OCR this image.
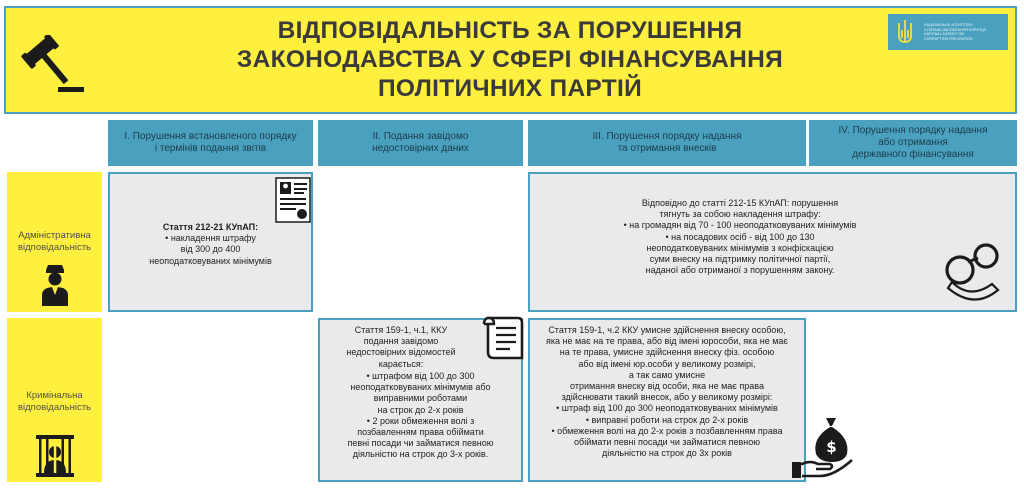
ВІДПОВІДАЛЬНІСТЬ ЗА ПОРУШЕННЯ
ЗАКОНОДАВСТВА У СФЕРІ ФІНАНСУВАННЯ
ПОЛІТИЧНИХ ПАРТІЙ
НАЦІОНАЛЬНЕ АГЕНТСТВО
З ПИТАНЬ ЗАПОБІГАННЯ КОРУПЦІЇ
NATIONAL AGENCY ON
CORRUPTION PREVENTION
I. Порушення встановленого порядку
і термінів подання звітів
II. Подання завідомо
недостовірних даних
III. Порушення порядку надання
та отримання внесків
IV. Порушення порядку надання
або отримання
державного фінансування
Адміністративна
відповідальність
Кримінальна
відповідальність
Стаття 212-21 КУпАП:
• накладення штрафу
від 300 до 400
неоподатковуваних мінімумів
Відповідно до статті 212-15 КУпАП: порушення
тягнуть за собою накладення штрафу:
• на громадян від 70 - 100 неоподатковуваних мінімумів
• на посадових осіб - від 100 до 130
неоподатковуваних мінімумів з конфіскацією
суми внеску на підтримку політичної партії,
наданої або отриманої з порушенням закону.
Стаття 159-1, ч.1, ККУ
подання завідомо
недостовірних відомостей
карається:
• штрафом від 100 до 300
неоподатковуваних мінімумів або
виправними роботами
на строк до 2-х років
• 2 роки обмеження волі з
позбавленням права обіймати
певні посади чи займатися певною
діяльністю на строк до 3-х років.
Стаття 159-1, ч.2 ККУ умисне здійснення внеску особою,
яка не має на те права, або від імені юрособи, яка не має
на те права, умисне здійснення внеску фіз. особою
або від імені юр.особи у великому розмірі,
а так само умисне
отримання внеску від особи, яка не має права
здійснювати такий внесок, або у великому розмірі:
• штраф від 100 до 300 неоподатковуваних мінімумів
• виправні роботи на строк до 2-х років
• обмеження волі на до 2-х років з позбавленням права
обіймати певні посади чи займатися певною
діяльністю на строк до 3х років	$
